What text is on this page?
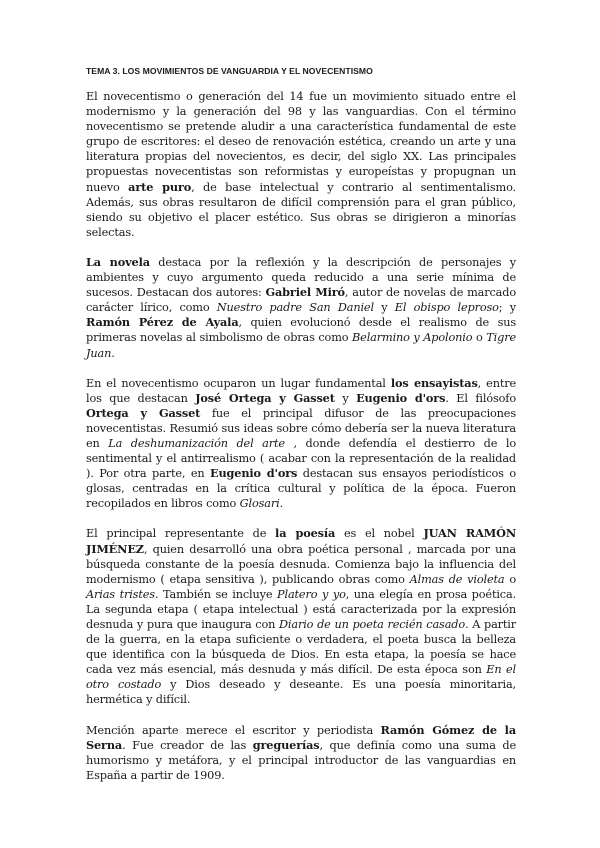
TEMA 3. LOS MOVIMIENTOS DE VANGUARDIA Y EL NOVECENTISMO

El novecentismo o generación del 14 fue un movimiento situado entre el modernismo y la generación del 98 y las vanguardias. Con el término novecentismo se pretende aludir a una característica fundamental de este grupo de escritores: el deseo de renovación estética, creando un arte y una literatura propias del novecientos, es decir, del siglo XX. Las principales propuestas novecentistas son reformistas y europeístas y propugnan un nuevo arte puro, de base intelectual y contrario al sentimentalismo. Además, sus obras resultaron de difícil comprensión para el gran público, siendo su objetivo el placer estético. Sus obras se dirigieron a minorías selectas.

La novela destaca por la reflexión y la descripción de personajes y ambientes y cuyo argumento queda reducido a una serie mínima de sucesos. Destacan dos autores: Gabriel Miró, autor de novelas de marcado carácter lírico, como Nuestro padre San Daniel y El obispo leproso; y Ramón Pérez de Ayala, quien evolucionó desde el realismo de sus primeras novelas al simbolismo de obras como Belarmino y Apolonio o Tigre Juan.

En el novecentismo ocuparon un lugar fundamental los ensayistas, entre los que destacan José Ortega y Gasset y Eugenio d'ors. El filósofo Ortega y Gasset fue el principal difusor de las preocupaciones novecentistas. Resumió sus ideas sobre cómo debería ser la nueva literatura en La deshumanización del arte , donde defendía el destierro de lo sentimental y el antirrealismo ( acabar con la representación de la realidad ). Por otra parte, en Eugenio d'ors destacan sus ensayos periodísticos o glosas, centradas en la crítica cultural y política de la época. Fueron recopilados en libros como Glosari.

El principal representante de la poesía es el nobel JUAN RAMÓN JIMÉNEZ, quien desarrolló una obra poética personal , marcada por una búsqueda constante de la poesía desnuda. Comienza bajo la influencia del modernismo ( etapa sensitiva ), publicando obras como Almas de violeta o Arias tristes. También se incluye Platero y yo, una elegía en prosa poética. La segunda etapa ( etapa intelectual ) está caracterizada por la expresión desnuda y pura que inaugura con Diario de un poeta recién casado. A partir de la guerra, en la etapa suficiente o verdadera, el poeta busca la belleza que identifica con la búsqueda de Dios. En esta etapa, la poesía se hace cada vez más esencial, más desnuda y más difícil. De esta época son En el otro costado y Dios deseado y deseante. Es una poesía minoritaria, hermética y difícil.

Mención aparte merece el escritor y periodista Ramón Gómez de la Serna. Fue creador de las greguerías, que definía como una suma de humorismo y metáfora, y el principal introductor de las vanguardias en España a partir de 1909.
